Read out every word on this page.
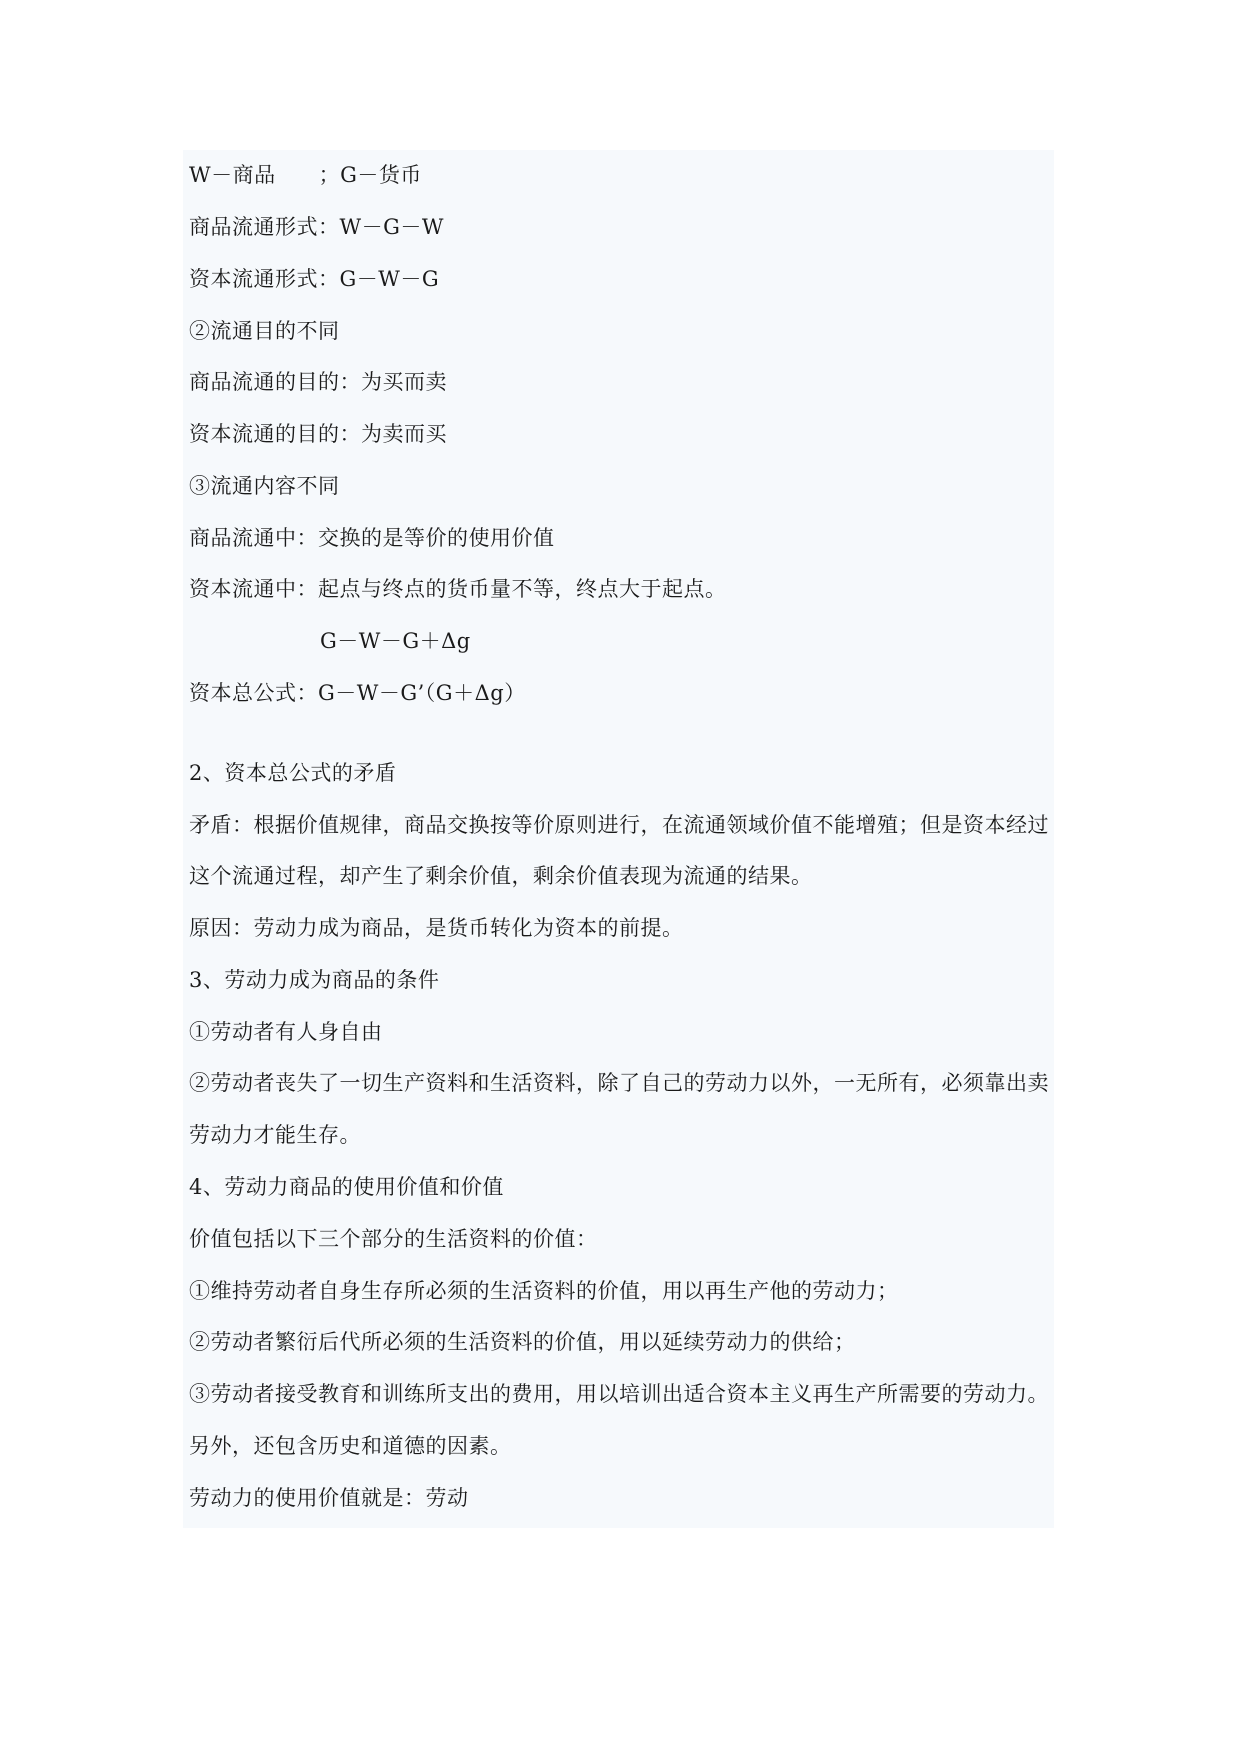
W－商品　　；G－货币
商品流通形式：W－G－W
资本流通形式：G－W－G
②流通目的不同
商品流通的目的：为买而卖
资本流通的目的：为卖而买
③流通内容不同
商品流通中：交换的是等价的使用价值
资本流通中：起点与终点的货币量不等，终点大于起点。
G－W－G＋Δg
资本总公式：G－W－G’（G＋Δg）
2、资本总公式的矛盾
矛盾：根据价值规律，商品交换按等价原则进行，在流通领域价值不能增殖；但是资本经过
这个流通过程，却产生了剩余价值，剩余价值表现为流通的结果。
原因：劳动力成为商品，是货币转化为资本的前提。
3、劳动力成为商品的条件
①劳动者有人身自由
②劳动者丧失了一切生产资料和生活资料，除了自己的劳动力以外，一无所有，必须靠出卖
劳动力才能生存。
4、劳动力商品的使用价值和价值
价值包括以下三个部分的生活资料的价值：
①维持劳动者自身生存所必须的生活资料的价值，用以再生产他的劳动力；
②劳动者繁衍后代所必须的生活资料的价值，用以延续劳动力的供给；
③劳动者接受教育和训练所支出的费用，用以培训出适合资本主义再生产所需要的劳动力。
另外，还包含历史和道德的因素。
劳动力的使用价值就是：劳动
